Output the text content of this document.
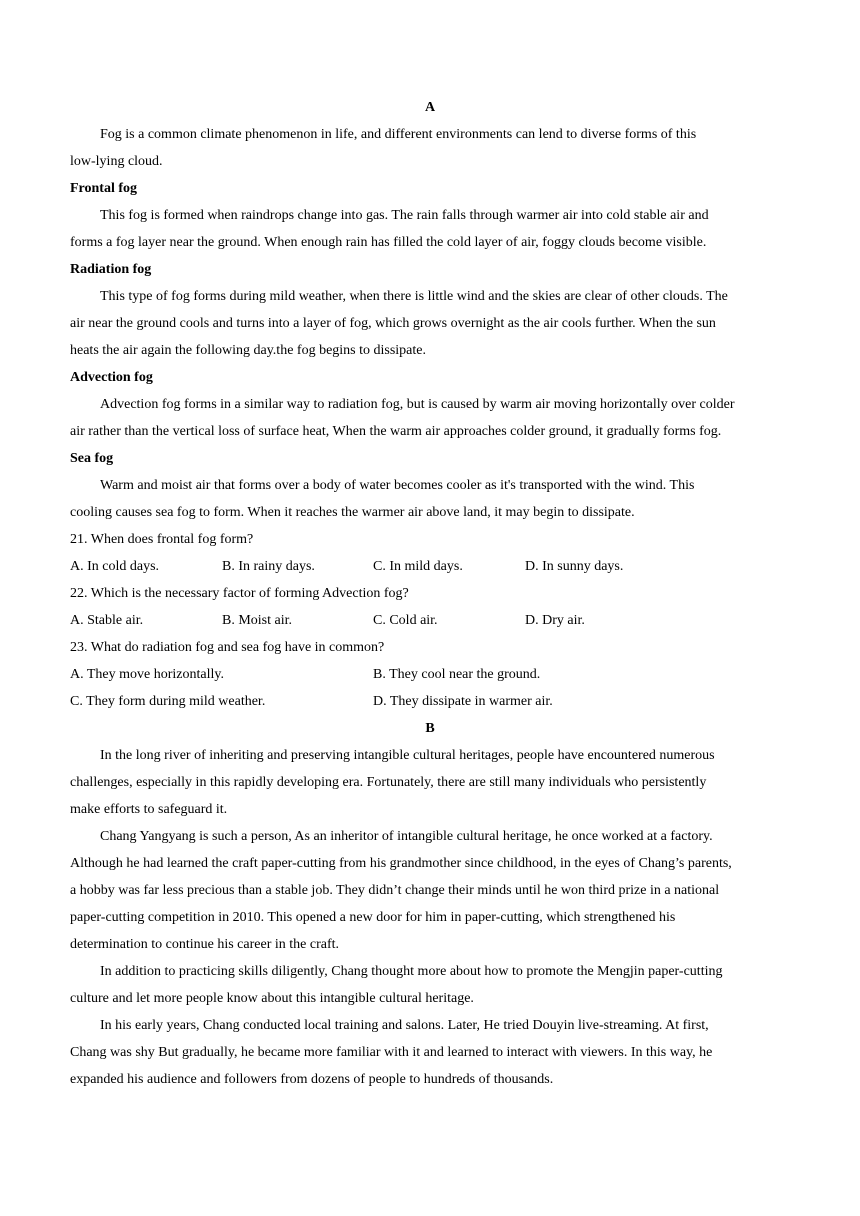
A
Fog is a common climate phenomenon in life, and different environments can lend to diverse forms of this
low-lying cloud.
Frontal fog
This fog is formed when raindrops change into gas. The rain falls through warmer air into cold stable air and
forms a fog layer near the ground. When enough rain has filled the cold layer of air, foggy clouds become visible.
Radiation fog
This type of fog forms during mild weather, when there is little wind and the skies are clear of other clouds. The
air near the ground cools and turns into a layer of fog, which grows overnight as the air cools further. When the sun
heats the air again the following day.the fog begins to dissipate.
Advection fog
Advection fog forms in a similar way to radiation fog, but is caused by warm air moving horizontally over colder
air rather than the vertical loss of surface heat, When the warm air approaches colder ground, it gradually forms fog.
Sea fog
Warm and moist air that forms over a body of water becomes cooler as it's transported with the wind. This
cooling causes sea fog to form. When it reaches the warmer air above land, it may begin to dissipate.
21. When does frontal fog form?
A. In cold days.	B. In rainy days.	C. In mild days.	D. In sunny days.
22. Which is the necessary factor of forming Advection fog?
A. Stable air.	B. Moist air.	C. Cold air.	D. Dry air.
23. What do radiation fog and sea fog have in common?
A. They move horizontally.	B. They cool near the ground.
C. They form during mild weather.	D. They dissipate in warmer air.
B
In the long river of inheriting and preserving intangible cultural heritages, people have encountered numerous
challenges, especially in this rapidly developing era. Fortunately, there are still many individuals who persistently
make efforts to safeguard it.
Chang Yangyang is such a person, As an inheritor of intangible cultural heritage, he once worked at a factory.
Although he had learned the craft paper-cutting from his grandmother since childhood, in the eyes of Chang’s parents,
a hobby was far less precious than a stable job. They didn’t change their minds until he won third prize in a national
paper-cutting competition in 2010. This opened a new door for him in paper-cutting, which strengthened his
determination to continue his career in the craft.
In addition to practicing skills diligently, Chang thought more about how to promote the Mengjin paper-cutting
culture and let more people know about this intangible cultural heritage.
In his early years, Chang conducted local training and salons. Later, He tried Douyin live-streaming. At first,
Chang was shy But gradually, he became more familiar with it and learned to interact with viewers. In this way, he
expanded his audience and followers from dozens of people to hundreds of thousands.
